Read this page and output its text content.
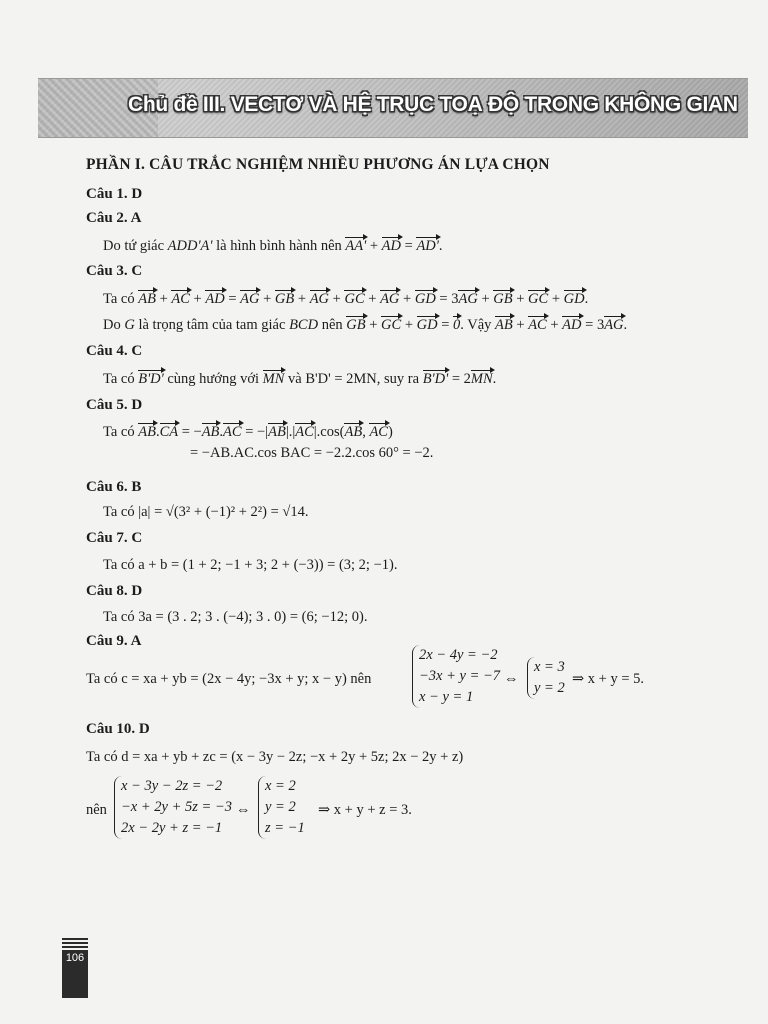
Chủ đề III. VECTƠ VÀ HỆ TRỤC TOẠ ĐỘ TRONG KHÔNG GIAN
PHẦN I. CÂU TRẮC NGHIỆM NHIỀU PHƯƠNG ÁN LỰA CHỌN
Câu 1. D
Câu 2. A
Do tứ giác ADD'A' là hình bình hành nên AA' + AD = AD'.
Câu 3. C
Ta có AB + AC + AD = AG + GB + AG + GC + AG + GD = 3AG + GB + GC + GD.
Do G là trọng tâm của tam giác BCD nên GB + GC + GD = 0. Vậy AB + AC + AD = 3AG.
Câu 4. C
Ta có B'D' cùng hướng với MN và B'D' = 2MN, suy ra B'D' = 2MN.
Câu 5. D
Ta có AB.CA = −AB.AC = −|AB|.|AC|.cos(AB, AC)
= −AB.AC.cos BAC = −2.2.cos 60° = −2.
Câu 6. B
Ta có |a| = √(3² + (−1)² + 2²) = √14.
Câu 7. C
Ta có a + b = (1 + 2; −1 + 3; 2 + (−3)) = (3; 2; −1).
Câu 8. D
Ta có 3a = (3 . 2; 3 . (−4); 3 . 0) = (6; −12; 0).
Câu 9. A
Ta có c = xa + yb = (2x − 4y; −3x + y; x − y) nên
2x − 4y = −2
−3x + y = −7
x − y = 1
⇔
x = 3
y = 2
⇒ x + y = 5.
Câu 10. D
Ta có d = xa + yb + zc = (x − 3y − 2z; −x + 2y + 5z; 2x − 2y + z)
nên
x − 3y − 2z = −2
−x + 2y + 5z = −3
2x − 2y + z = −1
⇔
x = 2
y = 2
z = −1
⇒ x + y + z = 3.
106
